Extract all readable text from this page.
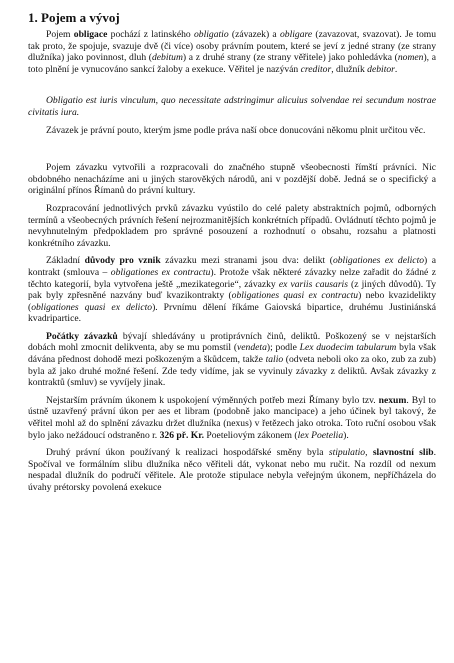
1. Pojem a vývoj

Pojem obligace pochází z latinského obligatio (závazek) a obligare (zavazovat, svazovat). Je tomu tak proto, že spojuje, svazuje dvě (či více) osoby právním poutem, které se jeví z jedné strany (ze strany dlužníka) jako povinnost, dluh (debitum) a z druhé strany (ze strany věřitele) jako pohledávka (nomen), a toto plnění je vynucováno sankcí žaloby a exekuce. Věřitel je nazýván creditor, dlužník debitor.

Obligatio est iuris vinculum, quo necessitate adstringimur alicuius solvendae rei secundum nostrae civitatis iura.

Závazek je právní pouto, kterým jsme podle práva naší obce donucováni někomu plnit určitou věc.

Pojem závazku vytvořili a rozpracovali do značného stupně všeobecnosti římští právníci. Nic obdobného nenacházíme ani u jiných starověkých národů, ani v pozdější době. Jedná se o specifický a originální přínos Římanů do právní kultury.

Rozpracování jednotlivých prvků závazku vyústilo do celé palety abstraktních pojmů, odborných termínů a všeobecných právních řešení nejrozmanitějších konkrétních případů. Ovládnutí těchto pojmů je nevyhnutelným předpokladem pro správné posouzení a rozhodnutí o obsahu, rozsahu a platnosti konkrétního závazku.

Základní důvody pro vznik závazku mezi stranami jsou dva: delikt (obligationes ex delicto) a kontrakt (smlouva – obligationes ex contractu). Protože však některé závazky nelze zařadit do žádné z těchto kategorií, byla vytvořena ještě „mezikategorie“, závazky ex variis causaris (z jiných důvodů). Ty pak byly zpřesněné nazvány buď kvazikontrakty (obligationes quasi ex contractu) nebo kvazidelikty (obligationes quasi ex delicto). Prvnímu dělení říkáme Gaiovská bipartice, druhému Justiniánská kvadripartice.

Počátky závazků bývají shledávány u protiprávních činů, deliktů. Poškozený se v nejstarších dobách mohl zmocnit delikventa, aby se mu pomstil (vendeta); podle Lex duodecim tabularum byla však dávána přednost dohodě mezi poškozeným a škůdcem, takže talio (odveta neboli oko za oko, zub za zub) byla až jako druhé možné řešení. Zde tedy vidíme, jak se vyvinuly závazky z deliktů. Avšak závazky z kontraktů (smluv) se vyvíjely jinak.

Nejstarším právním úkonem k uspokojení výměnných potřeb mezi Římany bylo tzv. nexum. Byl to ústně uzavřený právní úkon per aes et libram (podobně jako mancipace) a jeho účinek byl takový, že věřitel mohl až do splnění závazku držet dlužníka (nexus) v řetězech jako otroka. Toto ruční osobou však bylo jako nežádoucí odstraněno r. 326 př. Kr. Poeteliovým zákonem (lex Poetelia).

Druhý právní úkon používaný k realizaci hospodářské směny byla stipulatio, slavnostní slib. Spočíval ve formálním slibu dlužníka něco věřiteli dát, vykonat nebo mu ručit. Na rozdíl od nexum nespadal dlužník do područí věřitele. Ale protože stipulace nebyla veřejným úkonem, nepříčházela do úvahy prétorsky povolená exekuce
